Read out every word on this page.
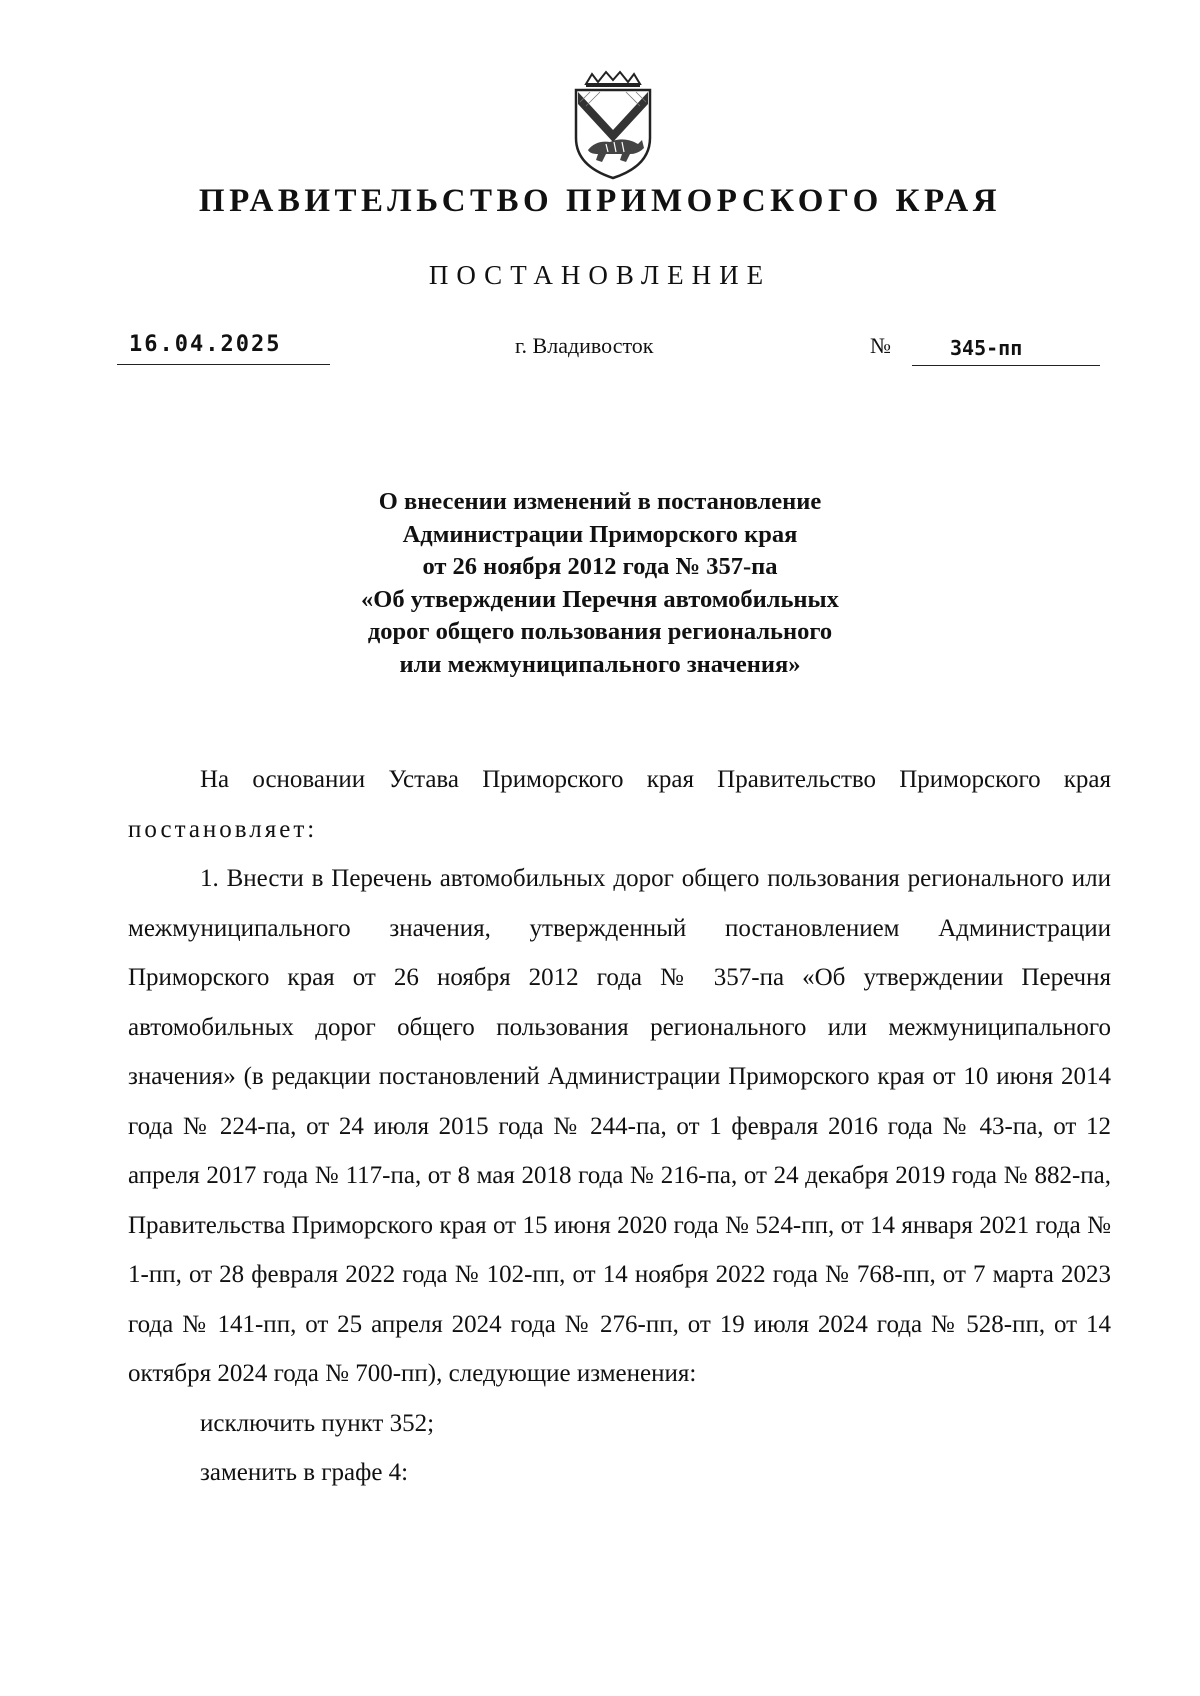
ПРАВИТЕЛЬСТВО ПРИМОРСКОГО КРАЯ
ПОСТАНОВЛЕНИЕ
16.04.2025	г. Владивосток	№	345-пп
О внесении изменений в постановление
Администрации Приморского края
от 26 ноября 2012 года № 357-па
«Об утверждении Перечня автомобильных
дорог общего пользования регионального
или межмуниципального значения»

На основании Устава Приморского края Правительство Приморского края постановляет:

1. Внести в Перечень автомобильных дорог общего пользования регионального или межмуниципального значения, утвержденный постановлением Администрации Приморского края от 26 ноября 2012 года № 357-па «Об утверждении Перечня автомобильных дорог общего пользования регионального или межмуниципального значения» (в редакции постановлений Администрации Приморского края от 10 июня 2014 года № 224-па, от 24 июля 2015 года № 244-па, от 1 февраля 2016 года № 43-па, от 12 апреля 2017 года № 117-па, от 8 мая 2018 года № 216-па, от 24 декабря 2019 года № 882-па, Правительства Приморского края от 15 июня 2020 года № 524-пп, от 14 января 2021 года № 1-пп, от 28 февраля 2022 года № 102-пп, от 14 ноября 2022 года № 768-пп, от 7 марта 2023 года № 141-пп, от 25 апреля 2024 года № 276-пп, от 19 июля 2024 года № 528-пп, от 14 октября 2024 года № 700-пп), следующие изменения:

исключить пункт 352;

заменить в графе 4:
